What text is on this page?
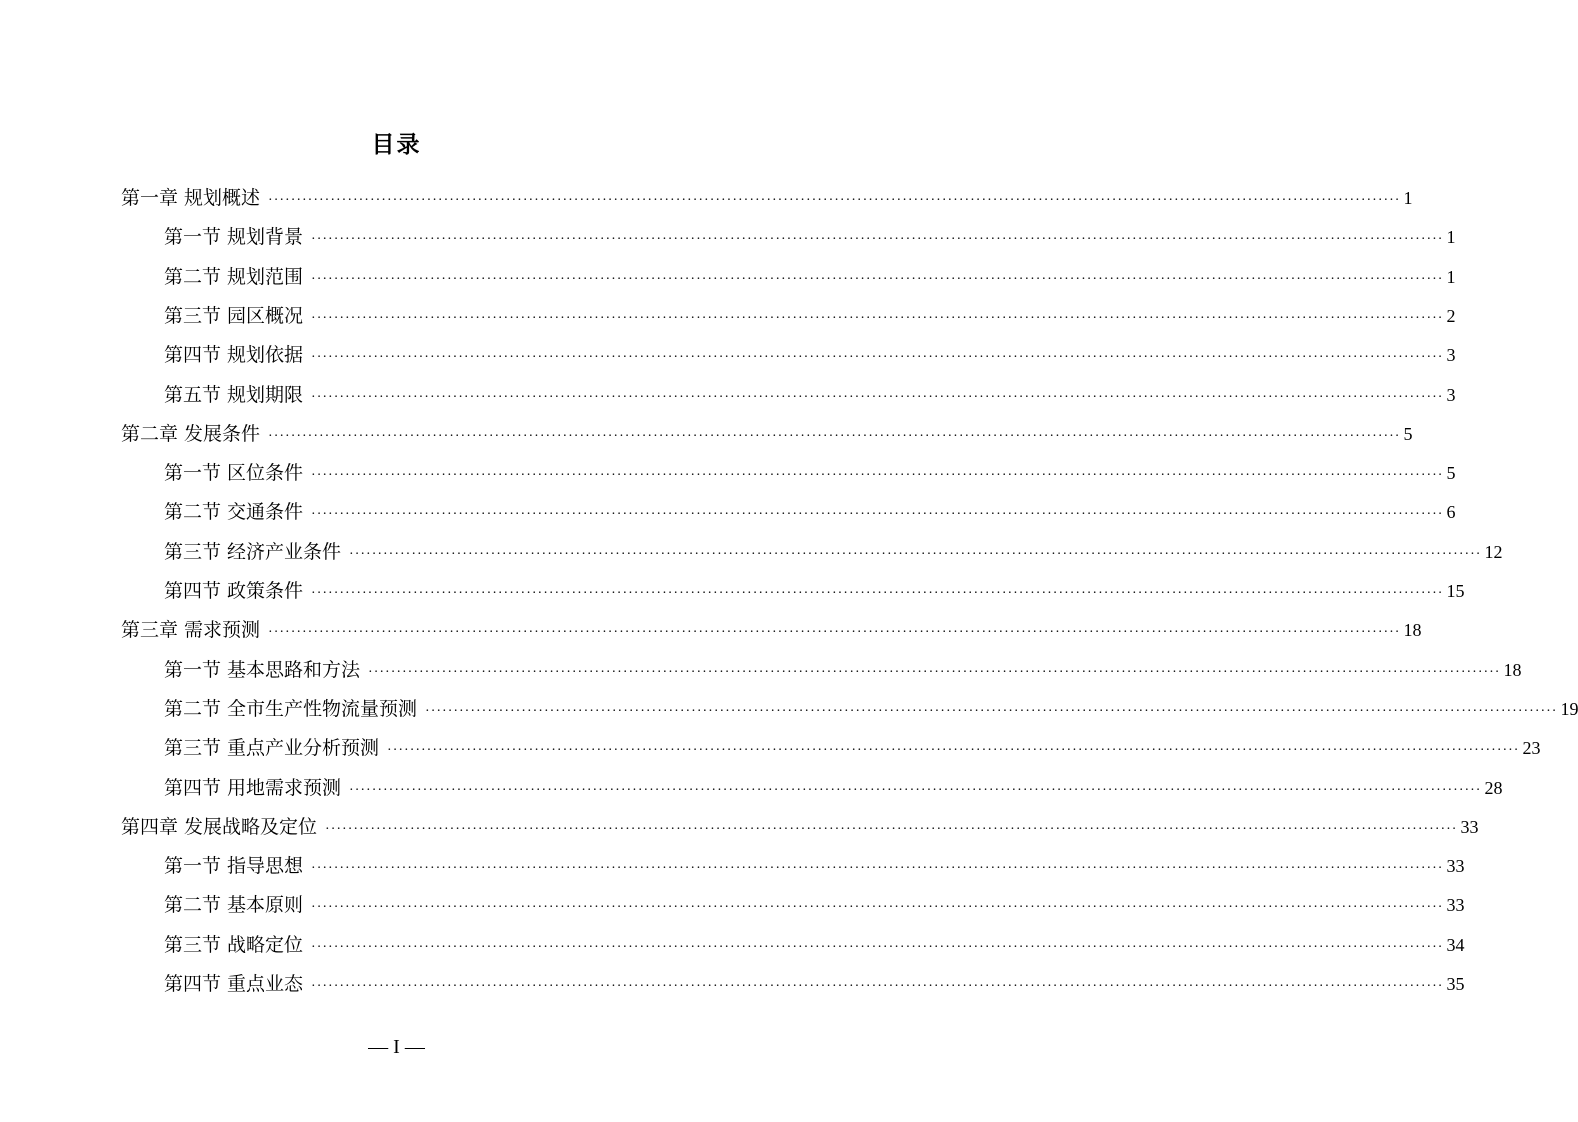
目录
第一章 规划概述 ········································································································································································································ 1
第一节 规划背景 ········································································································································································································ 1
第二节 规划范围 ········································································································································································································ 1
第三节 园区概况 ········································································································································································································ 2
第四节 规划依据 ········································································································································································································ 3
第五节 规划期限 ········································································································································································································ 3
第二章 发展条件 ········································································································································································································ 5
第一节 区位条件 ········································································································································································································ 5
第二节 交通条件 ········································································································································································································ 6
第三节 经济产业条件 ········································································································································································································ 12
第四节 政策条件 ········································································································································································································ 15
第三章 需求预测 ········································································································································································································ 18
第一节 基本思路和方法 ········································································································································································································ 18
第二节 全市生产性物流量预测 ········································································································································································································ 19
第三节 重点产业分析预测 ········································································································································································································ 23
第四节 用地需求预测 ········································································································································································································ 28
第四章 发展战略及定位 ········································································································································································································ 33
第一节 指导思想 ········································································································································································································ 33
第二节 基本原则 ········································································································································································································ 33
第三节 战略定位 ········································································································································································································ 34
第四节 重点业态 ········································································································································································································ 35
— I —
